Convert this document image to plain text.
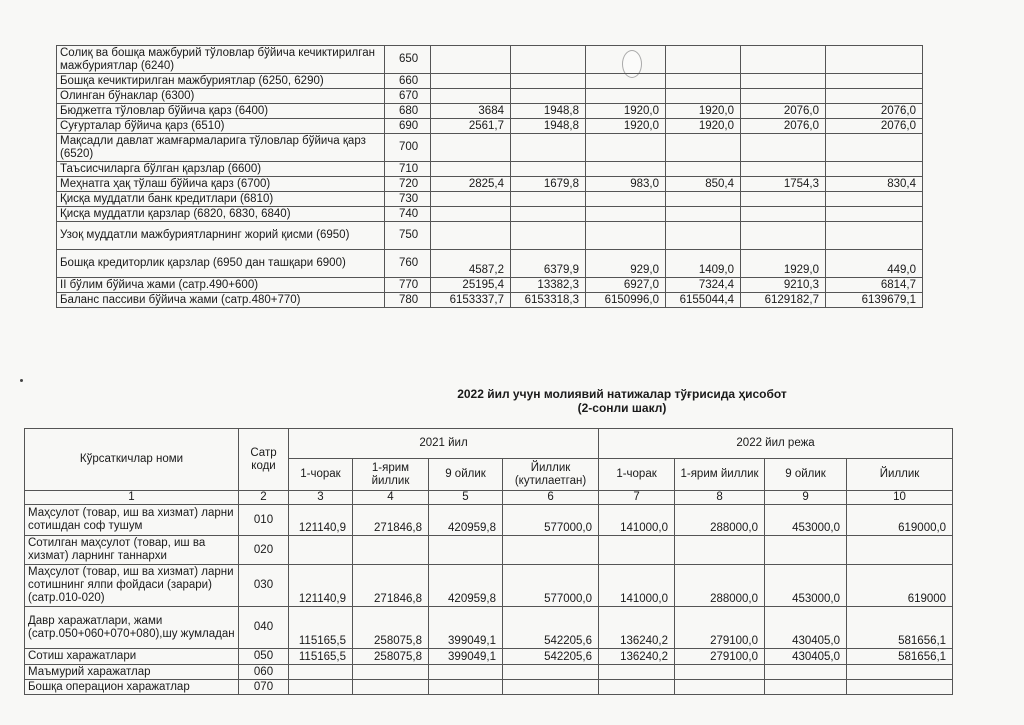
Солиқ ва бошқа мажбурий тўловлар бўйича кечиктирилган мажбуриятлар (6240)	650						
Бошқа кечиктирилган мажбуриятлар (6250, 6290)	660						
Олинган бўнаклар (6300)	670						
Бюджетга тўловлар бўйича қарз (6400)	680	3684	1948,8	1920,0	1920,0	2076,0	2076,0
Суғурталар бўйича қарз (6510)	690	2561,7	1948,8	1920,0	1920,0	2076,0	2076,0
Мақсадли давлат жамғармаларига тўловлар бўйича қарз (6520)	700						
Таъсисчиларга бўлган қарзлар (6600)	710						
Меҳнатга ҳақ тўлаш бўйича қарз (6700)	720	2825,4	1679,8	983,0	850,4	1754,3	830,4
Қисқа муддатли банк кредитлари (6810)	730						
Қисқа муддатли қарзлар (6820, 6830, 6840)	740						
Узоқ муддатли мажбуриятларнинг жорий қисми (6950)	750						
Бошқа кредиторлик қарзлар (6950 дан ташқари 6900)	760	4587,2	6379,9	929,0	1409,0	1929,0	449,0
II бўлим бўйича жами (сатр.490+600)	770	25195,4	13382,3	6927,0	7324,4	9210,3	6814,7
Баланс пассиви бўйича жами (сатр.480+770)	780	6153337,7	6153318,3	6150996,0	6155044,4	6129182,7	6139679,1
2022 йил учун молиявий натижалар тўғрисида ҳисобот
(2-сонли шакл)
Кўрсаткичлар номи	Сатр коди	2021 йил				2022 йил режа			
		1-чорак	1-ярим йиллик	9 ойлик	Йиллик (кутилаетган)	1-чорак	1-ярим йиллик	9 ойлик	Йиллик
1	2	3	4	5	6	7	8	9	10
Маҳсулот (товар, иш ва хизмат) ларни сотишдан соф тушум	010	121140,9	271846,8	420959,8	577000,0	141000,0	288000,0	453000,0	619000,0
Сотилган маҳсулот (товар, иш ва хизмат) ларнинг таннархи	020								
Маҳсулот (товар, иш ва хизмат) ларни сотишнинг ялпи фойдаси (зарари) (сатр.010-020)	030	121140,9	271846,8	420959,8	577000,0	141000,0	288000,0	453000,0	619000
Давр харажатлари, жами (сатр.050+060+070+080),шу жумладан	040	115165,5	258075,8	399049,1	542205,6	136240,2	279100,0	430405,0	581656,1
Сотиш харажатлари	050	115165,5	258075,8	399049,1	542205,6	136240,2	279100,0	430405,0	581656,1
Маъмурий харажатлар	060								
Бошқа операцион харажатлар	070								
